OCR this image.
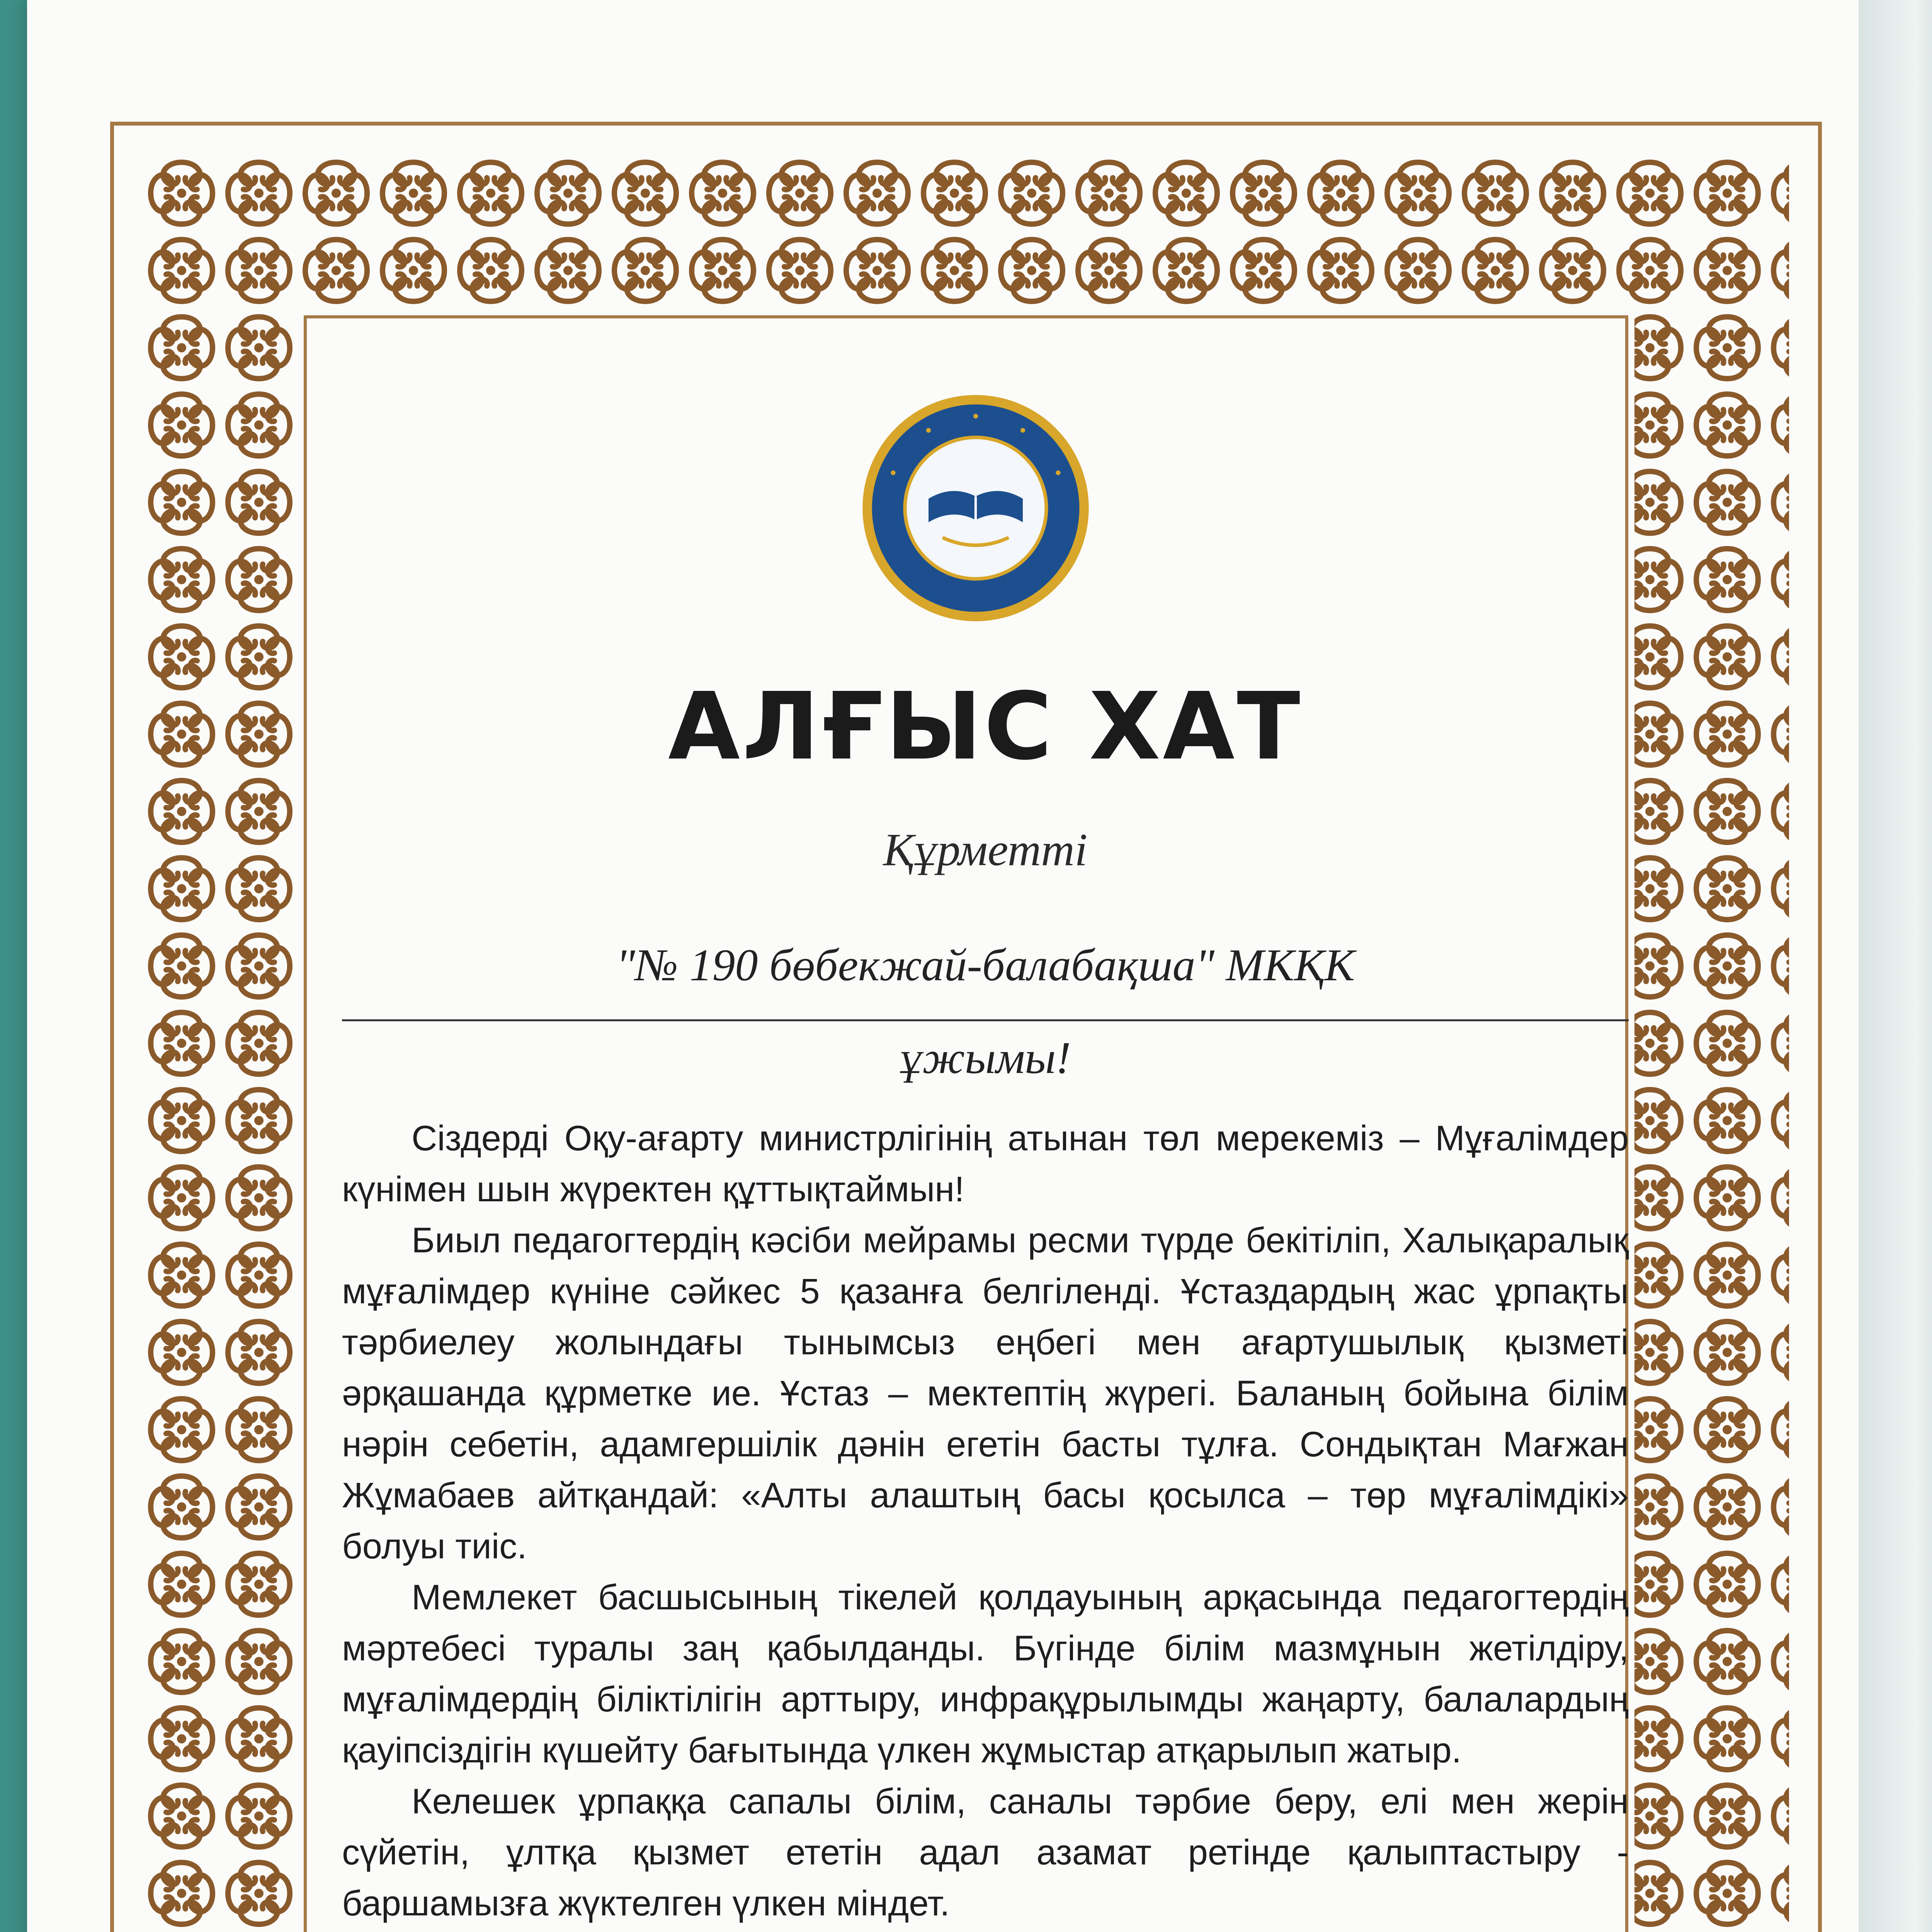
АЛҒЫС ХАТ
Құрметті
"№ 190 бөбекжай-балабақша" МКҚК
ұжымы!

Сіздерді Оқу-ағарту министрлігінің атынан төл мерекеміз – Мұғалімдер күнімен шын жүректен құттықтаймын!

Биыл педагогтердің кәсіби мейрамы ресми түрде бекітіліп, Халықаралық мұғалімдер күніне сәйкес 5 қазанға белгіленді. Ұстаздардың жас ұрпақты тәрбиелеу жолындағы тынымсыз еңбегі мен ағартушылық қызметі әрқашанда құрметке ие. Ұстаз – мектептің жүрегі. Баланың бойына білім нәрін себетін, адамгершілік дәнін егетін басты тұлға. Сондықтан Мағжан Жұмабаев айтқандай: «Алты алаштың басы қосылса – төр мұғалімдікі» болуы тиіс.

Мемлекет басшысының тікелей қолдауының арқасында педагогтердің мәртебесі туралы заң қабылданды. Бүгінде білім мазмұнын жетілдіру, мұғалімдердің біліктілігін арттыру, инфрақұрылымды жаңарту, балалардың қауіпсіздігін күшейту бағытында үлкен жұмыстар атқарылып жатыр.

Келешек ұрпаққа сапалы білім, саналы тәрбие беру, елі мен жерін сүйетін, ұлтқа қызмет ететін адал азамат ретінде қалыптастыру - баршамызға жүктелген үлкен міндет.
